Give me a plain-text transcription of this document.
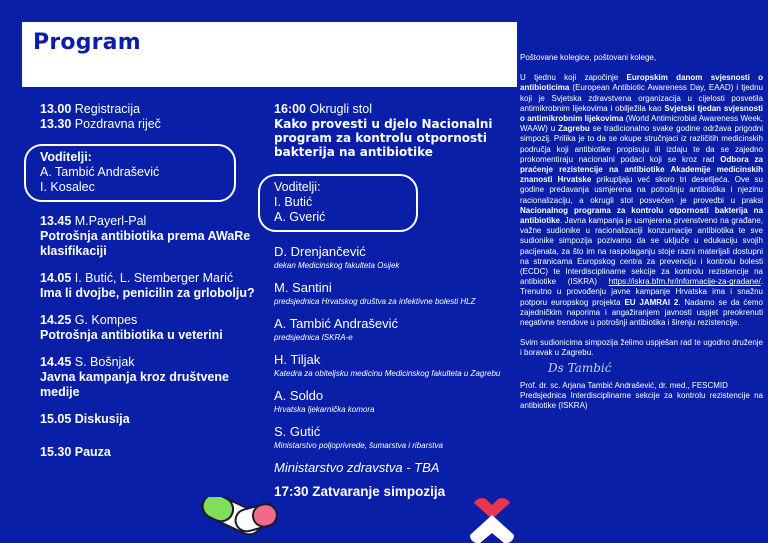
Program
13.00 Registracija
13.30 Pozdravna riječ
Voditelji:
A. Tambić Andrašević
I. Kosalec
13.45 M.Payerl-Pal
Potrošnja antibiotika prema AWaRe klasifikaciji
14.05 I. Butić, L. Stemberger Marić
Ima li dvojbe, penicilin za grlobolju?
14.25 G. Kompes
Potrošnja antibiotika u veterini
14.45 S. Bošnjak
Javna kampanja kroz društvene medije
15.05 Diskusija
15.30 Pauza
16:00 Okrugli stol
Kako provesti u djelo Nacionalni program za kontrolu otpornosti bakterija na antibiotike
Voditelji:
I. Butić
A. Gverić
D. Drenjančević
dekan Medicinskog fakulteta Osijek
M. Santini
predsjednica Hrvatskog društva za infektivne bolesti HLZ
A. Tambić Andrašević
predsjednica ISKRA-e
H. Tiljak
Katedra za obiteljsku medicinu Medicinskog fakulteta u Zagrebu
A. Soldo
Hrvatska ljekarnička komora
S. Gutić
Ministarstvo poljoprivrede, šumarstva i ribarstva
Ministarstvo zdravstva - TBA
17:30 Zatvaranje simpozija

Poštovane kolegice, poštovani kolege,

U tjednu koji započinje Europskim danom svjesnosti o antibioticima (European Antibiotic Awareness Day, EAAD) i tjednu koji je Svjetska zdravstvena organizacija u cijelosti posvetila antimikrobnim lijekovima i obilježila kao Svjetski tjedan svjesnosti o antimikrobnim lijekovima (World Antimicrobial Awareness Week, WAAW) u Zagrebu se tradicionalno svake godine održava prigodni simpozij. Prilika je to da se okupe stručnjaci iz različitih medicinskih područja koji antibiotike propisuju ili izdaju te da se zajedno prokomentiraju nacionalni podaci koji se kroz rad Odbora za praćenje rezistencije na antibiotike Akademije medicinskih znanosti Hrvatske prikupljaju već skoro tri desetljeća. Ove su godine predavanja usmjerena na potrošnju antibiotika i njezinu racionalizaciju, a okrugli stol posvećen je provedbi u praksi Nacionalnog programa za kontrolu otpornosti bakterija na antibiotike. Javna kampanja je usmjerena prvenstveno na građane, važne sudionike u racionalizaciji konzumacije antibiotika te sve sudionike simpozija pozivamo da se uključe u edukaciju svojih pacijenata, za što im na raspolaganju stoje razni materijali dostupni na stranicama Europskog centra za prevenciju i kontrolu bolesti (ECDC) te Interdisciplinarne sekcije za kontrolu rezistencije na antibiotike (ISKRA) https://iskra.bfm.hr/informacije-za-gradane/. Trenutno u provođenju javne kampanje Hrvatska ima i snažnu potporu europskog projekta EU JAMRAI 2. Nadamo se da ćemo zajedničkim naporima i angažiranjem javnosti uspjet preokrenuti negativne trendove u potrošnji antibiotika i širenju rezistencije.

Svim sudionicima simpozija želimo uspješan rad te ugodno druženje i boravak u Zagrebu.

Ds Tambić
Prof. dr. sc. Arjana Tambić Andrašević, dr. med., FESCMID
Predsjednica Interdisciplinarne sekcije za kontrolu rezistencije na antibiotike (ISKRA)
